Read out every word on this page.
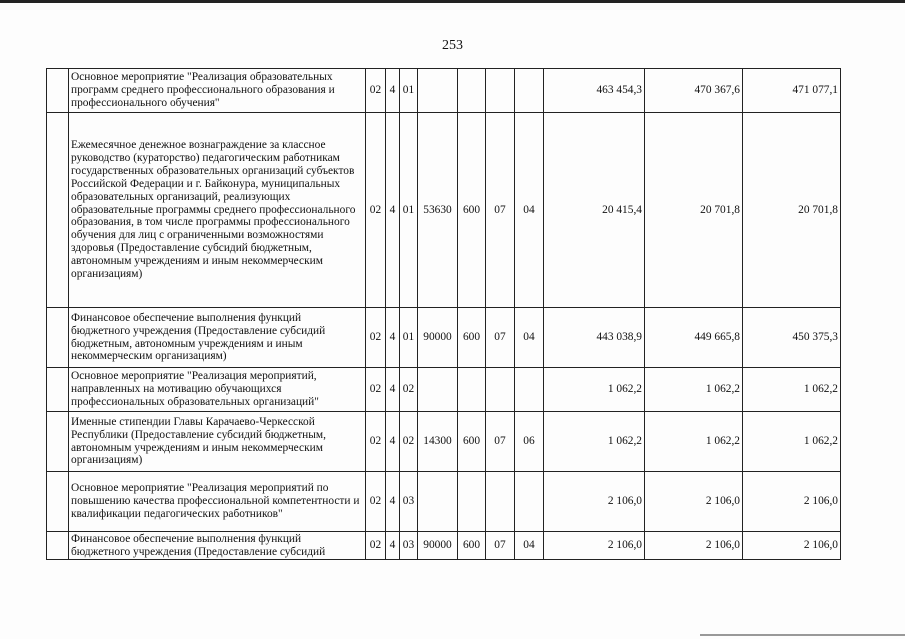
253
	Основное мероприятие "Реализация образовательных программ среднего профессионального образования и профессионального обучения"	02	4	01					463 454,3	470 367,6	471 077,1
	Ежемесячное денежное вознаграждение за классное руководство (кураторство) педагогическим работникам государственных образовательных организаций субъектов Российской Федерации и г. Байконура, муниципальных образовательных организаций, реализующих образовательные программы среднего профессионального образования, в том числе программы профессионального обучения для лиц с ограниченными возможностями здоровья (Предоставление субсидий бюджетным, автономным учреждениям и иным некоммерческим организациям)	02	4	01	53630	600	07	04	20 415,4	20 701,8	20 701,8
	Финансовое обеспечение выполнения функций бюджетного учреждения (Предоставление субсидий бюджетным, автономным учреждениям и иным некоммерческим организациям)	02	4	01	90000	600	07	04	443 038,9	449 665,8	450 375,3
	Основное мероприятие "Реализация мероприятий, направленных на мотивацию обучающихся профессиональных образовательных организаций"	02	4	02					1 062,2	1 062,2	1 062,2
	Именные стипендии Главы Карачаево-Черкесской Республики (Предоставление субсидий бюджетным, автономным учреждениям и иным некоммерческим организациям)	02	4	02	14300	600	07	06	1 062,2	1 062,2	1 062,2
	Основное мероприятие "Реализация мероприятий по повышению качества профессиональной компетентности и квалификации педагогических работников"	02	4	03					2 106,0	2 106,0	2 106,0
	Финансовое обеспечение выполнения функций бюджетного учреждения (Предоставление субсидий	02	4	03	90000	600	07	04	2 106,0	2 106,0	2 106,0
